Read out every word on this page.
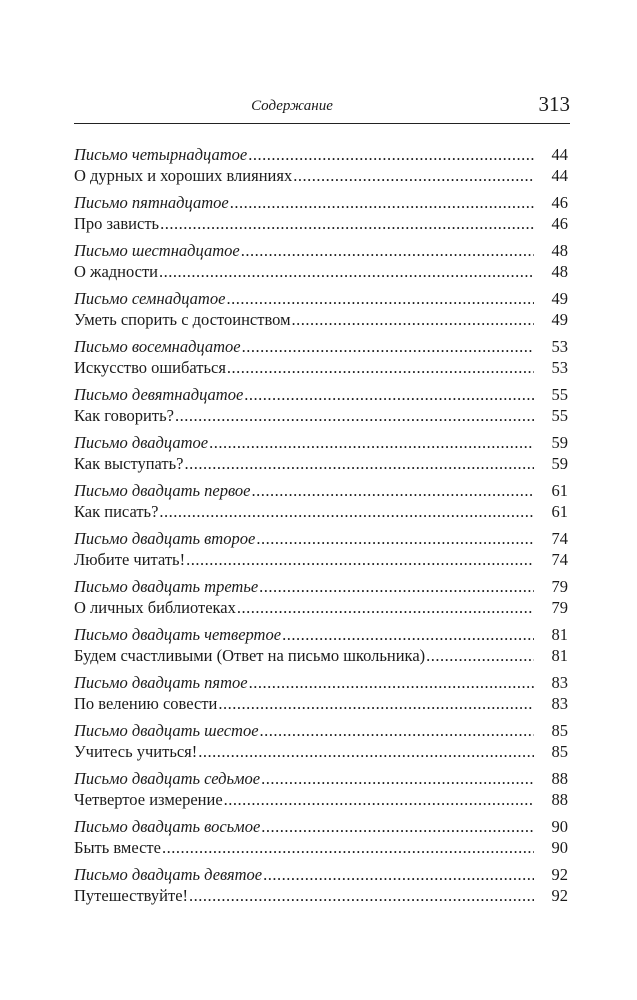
Содержание	313
Письмо четырнадцатое .....	44
О дурных и хороших влияниях .....	44
Письмо пятнадцатое .....	46
Про зависть .....	46
Письмо шестнадцатое .....	48
О жадности .....	48
Письмо семнадцатое .....	49
Уметь спорить с достоинством .....	49
Письмо восемнадцатое .....	53
Искусство ошибаться .....	53
Письмо девятнадцатое .....	55
Как говорить? .....	55
Письмо двадцатое .....	59
Как выступать? .....	59
Письмо двадцать первое .....	61
Как писать? .....	61
Письмо двадцать второе .....	74
Любите читать! .....	74
Письмо двадцать третье .....	79
О личных библиотеках .....	79
Письмо двадцать четвертое .....	81
Будем счастливыми (Ответ на письмо школьника) .....	81
Письмо двадцать пятое .....	83
По велению совести .....	83
Письмо двадцать шестое .....	85
Учитесь учиться! .....	85
Письмо двадцать седьмое .....	88
Четвертое измерение .....	88
Письмо двадцать восьмое .....	90
Быть вместе .....	90
Письмо двадцать девятое .....	92
Путешествуйте! .....	92
